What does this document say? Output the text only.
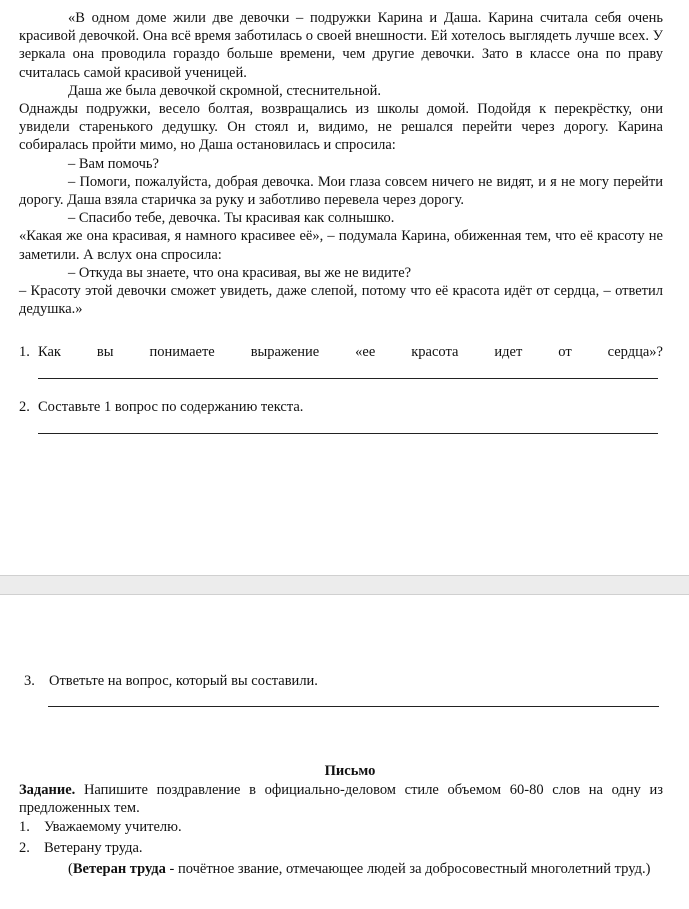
«В одном доме жили две девочки – подружки Карина и Даша. Карина считала себя очень красивой девочкой. Она всё время заботилась о своей внешности. Ей хотелось выглядеть лучше всех. У зеркала она проводила гораздо больше времени, чем другие девочки. Зато в классе она по праву считалась самой красивой ученицей.

Даша же была девочкой скромной, стеснительной.

Однажды подружки, весело болтая, возвращались из школы домой. Подойдя к перекрёстку, они увидели старенького дедушку. Он стоял и, видимо, не решался перейти через дорогу. Карина собиралась пройти мимо, но Даша остановилась и спросила:

– Вам помочь?

– Помоги, пожалуйста, добрая девочка. Мои глаза совсем ничего не видят, и я не могу перейти дорогу. Даша взяла старичка за руку и заботливо перевела через дорогу.

– Спасибо тебе, девочка. Ты красивая как солнышко.

«Какая же она красивая, я намного красивее её», – подумала Карина, обиженная тем, что её красоту не заметили. А вслух она спросила:

– Откуда вы знаете, что она красивая, вы же не видите?

– Красоту этой девочки сможет увидеть, даже слепой, потому что её красота идёт от сердца, – ответил дедушка.»

1. Как вы понимаете выражение «ее красота идет от сердца»?
2. Составьте 1 вопрос по содержанию текста.
3. Ответьте на вопрос, который вы составили.
Письмо
Задание. Напишите поздравление в официально-деловом стиле объемом 60-80 слов на одну из предложенных тем.
1. Уважаемому учителю.
2. Ветерану труда.
(Ветеран труда - почётное звание, отмечающее людей за добросовестный многолетний труд.)
